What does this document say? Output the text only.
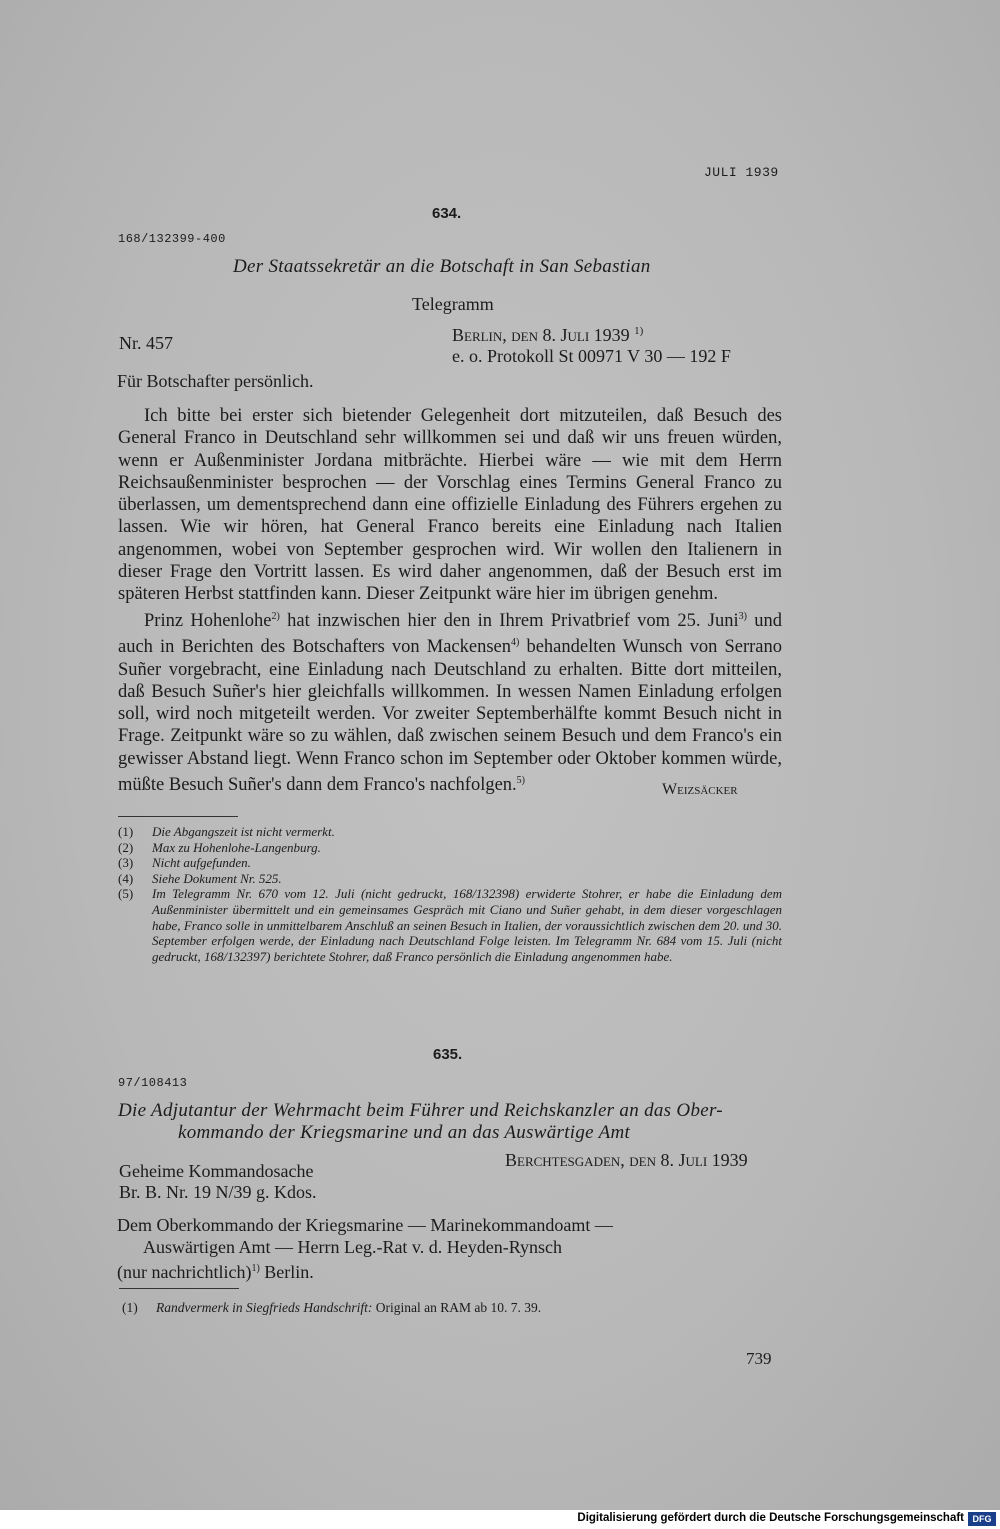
JULI 1939
634.
168/132399-400
Der Staatssekretär an die Botschaft in San Sebastian
Telegramm
Nr. 457	Berlin, den 8. Juli 1939 $^{1)}$
e. o. Protokoll St 00971 V 30 — 192 F
Für Botschafter persönlich.

Ich bitte bei erster sich bietender Gelegenheit dort mitzuteilen, daß Besuch des General Franco in Deutschland sehr willkommen sei und daß wir uns freuen würden, wenn er Außenminister Jordana mitbrächte. Hierbei wäre — wie mit dem Herrn Reichsaußenminister besprochen — der Vorschlag eines Termins General Franco zu überlassen, um dementsprechend dann eine offizielle Einladung des Führers ergehen zu lassen. Wie wir hören, hat General Franco bereits eine Einladung nach Italien angenommen, wobei von September gesprochen wird. Wir wollen den Italienern in dieser Frage den Vortritt lassen. Es wird daher angenommen, daß der Besuch erst im späteren Herbst stattfinden kann. Dieser Zeitpunkt wäre hier im übrigen genehm.

Prinz Hohenlohe$^{2)}$ hat inzwischen hier den in Ihrem Privatbrief vom 25. Juni$^{3)}$ und auch in Berichten des Botschafters von Mackensen$^{4)}$ behandelten Wunsch von Serrano Suñer vorgebracht, eine Einladung nach Deutschland zu erhalten. Bitte dort mitteilen, daß Besuch Suñer's hier gleichfalls willkommen. In wessen Namen Einladung erfolgen soll, wird noch mitgeteilt werden. Vor zweiter Septemberhälfte kommt Besuch nicht in Frage. Zeitpunkt wäre so zu wählen, daß zwischen seinem Besuch und dem Franco's ein gewisser Abstand liegt. Wenn Franco schon im September oder Oktober kommen würde, müßte Besuch Suñer's dann dem Franco's nachfolgen.$^{5)}$

Weizsäcker
(1)	Die Abgangszeit ist nicht vermerkt.
(2)	Max zu Hohenlohe-Langenburg.
(3)	Nicht aufgefunden.
(4)	Siehe Dokument Nr. 525.
(5)	Im Telegramm Nr. 670 vom 12. Juli (nicht gedruckt, 168/132398) erwiderte Stohrer, er habe die Einladung dem Außenminister übermittelt und ein gemeinsames Gespräch mit Ciano und Suñer gehabt, in dem dieser vorgeschlagen habe, Franco solle in unmittelbarem Anschluß an seinen Besuch in Italien, der voraussichtlich zwischen dem 20. und 30. September erfolgen werde, der Einladung nach Deutschland Folge leisten. Im Telegramm Nr. 684 vom 15. Juli (nicht gedruckt, 168/132397) berichtete Stohrer, daß Franco persönlich die Einladung angenommen habe.
635.
97/108413
Die Adjutantur der Wehrmacht beim Führer und Reichskanzler an das Ober-
kommando der Kriegsmarine und an das Auswärtige Amt
Geheime Kommandosache
Br. B. Nr. 19 N/39 g. Kdos.
Berchtesgaden, den 8. Juli 1939
Dem Oberkommando der Kriegsmarine — Marinekommandoamt —
Auswärtigen Amt — Herrn Leg.-Rat v. d. Heyden-Rynsch
(nur nachrichtlich)$^{1)}$ Berlin.
(1) Randvermerk in Siegfrieds Handschrift: Original an RAM ab 10. 7. 39.
739
Digitalisierung gefördert durch die Deutsche Forschungsgemeinschaft DFG
